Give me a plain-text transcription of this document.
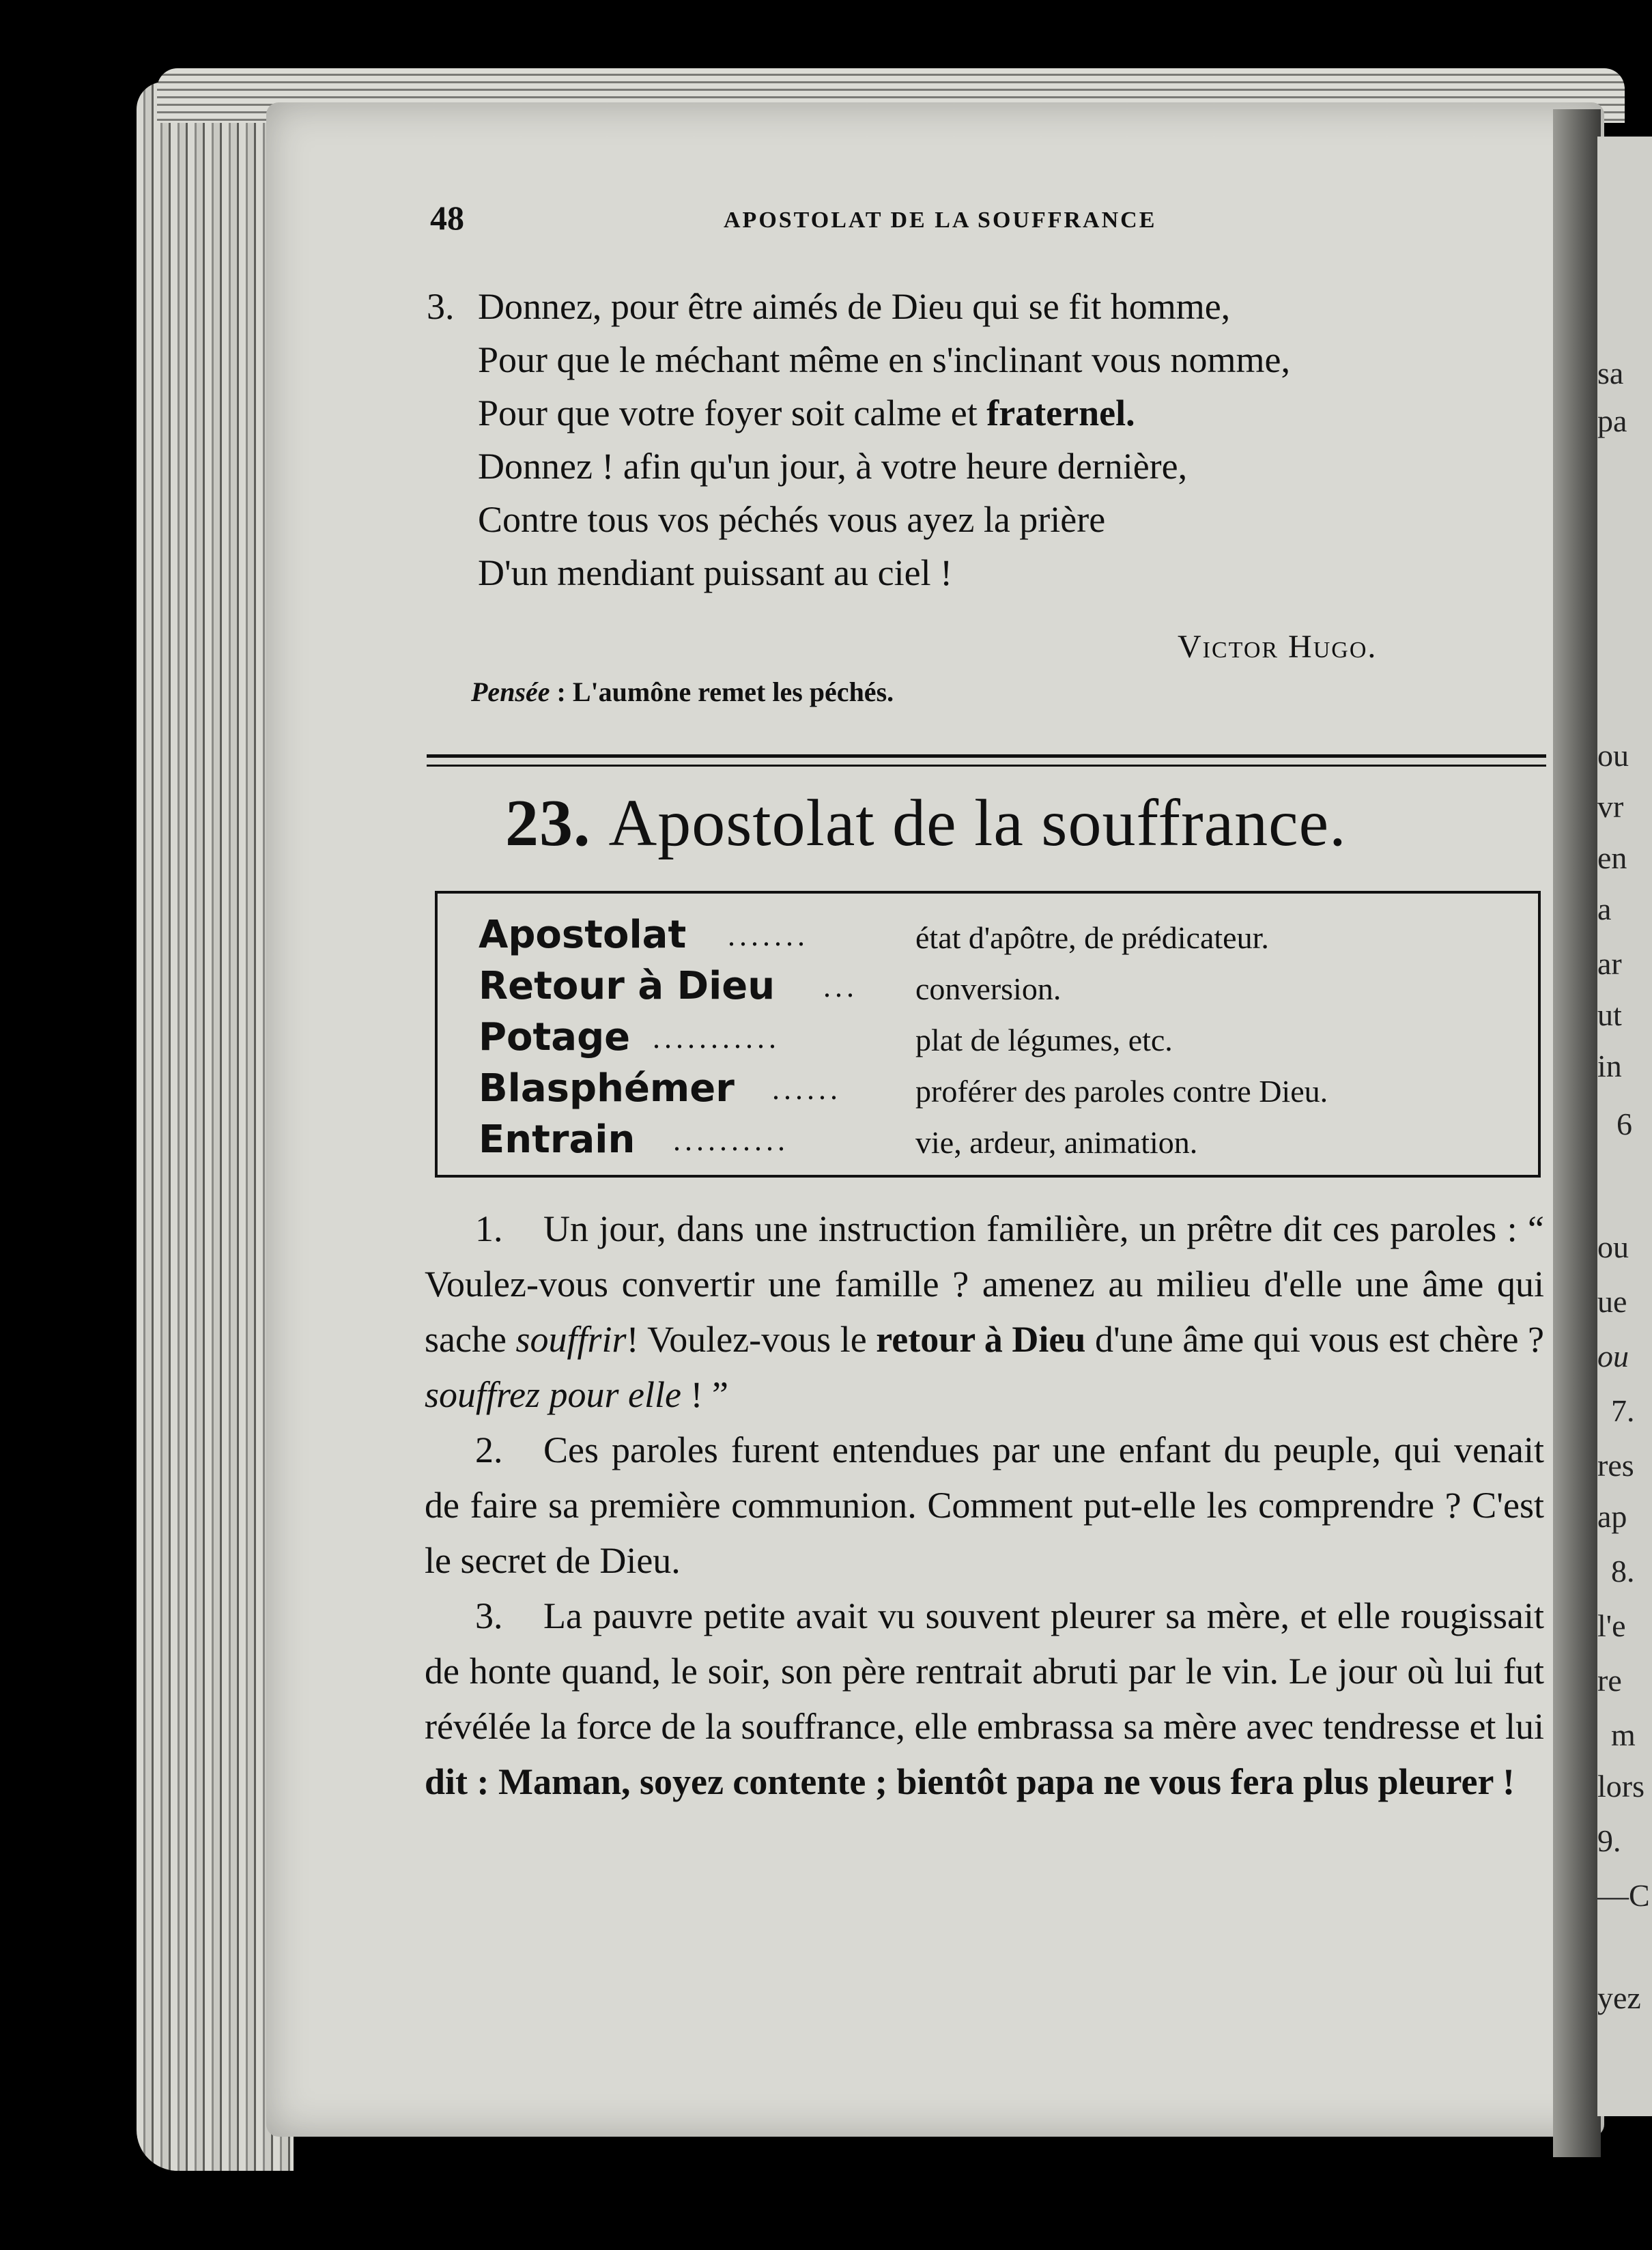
sa
pa
ou
vr
en
a
ar
ut
in
6
ou
ue
ou
7.
res
ap
8.
l'e
re
m
lors
9.
—C
yez
48	APOSTOLAT DE LA SOUFFRANCE
3. Donnez, pour être aimés de Dieu qui se fit homme,
Pour que le méchant même en s'inclinant vous nomme,
Pour que votre foyer soit calme et fraternel.
Donnez ! afin qu'un jour, à votre heure dernière,
Contre tous vos péchés vous ayez la prière
D'un mendiant puissant au ciel !
Victor Hugo.
Pensée : L'aumône remet les péchés.
23. Apostolat de la souffrance.
Apostolat .......	état d'apôtre, de prédicateur.
Retour à Dieu ... conversion.
Potage ...........	plat de légumes, etc.
Blasphémer ...... proférer des paroles contre Dieu.
Entrain ..........	vie, ardeur, animation.
1. Un jour, dans une instruction familière, un prêtre dit ces paroles : “ Voulez-vous convertir une famille ? amenez au milieu d'elle une âme qui sache souffrir! Voulez-vous le retour à Dieu d'une âme qui vous est chère ? souffrez pour elle ! ”
2. Ces paroles furent entendues par une enfant du peuple, qui venait de faire sa première communion. Comment put-elle les comprendre ? C'est le secret de Dieu.
3. La pauvre petite avait vu souvent pleurer sa mère, et elle rougissait de honte quand, le soir, son père rentrait abruti par le vin. Le jour où lui fut révélée la force de la souffrance, elle embrassa sa mère avec tendresse et lui dit : Maman, soyez contente ; bientôt papa ne vous fera plus pleurer !
